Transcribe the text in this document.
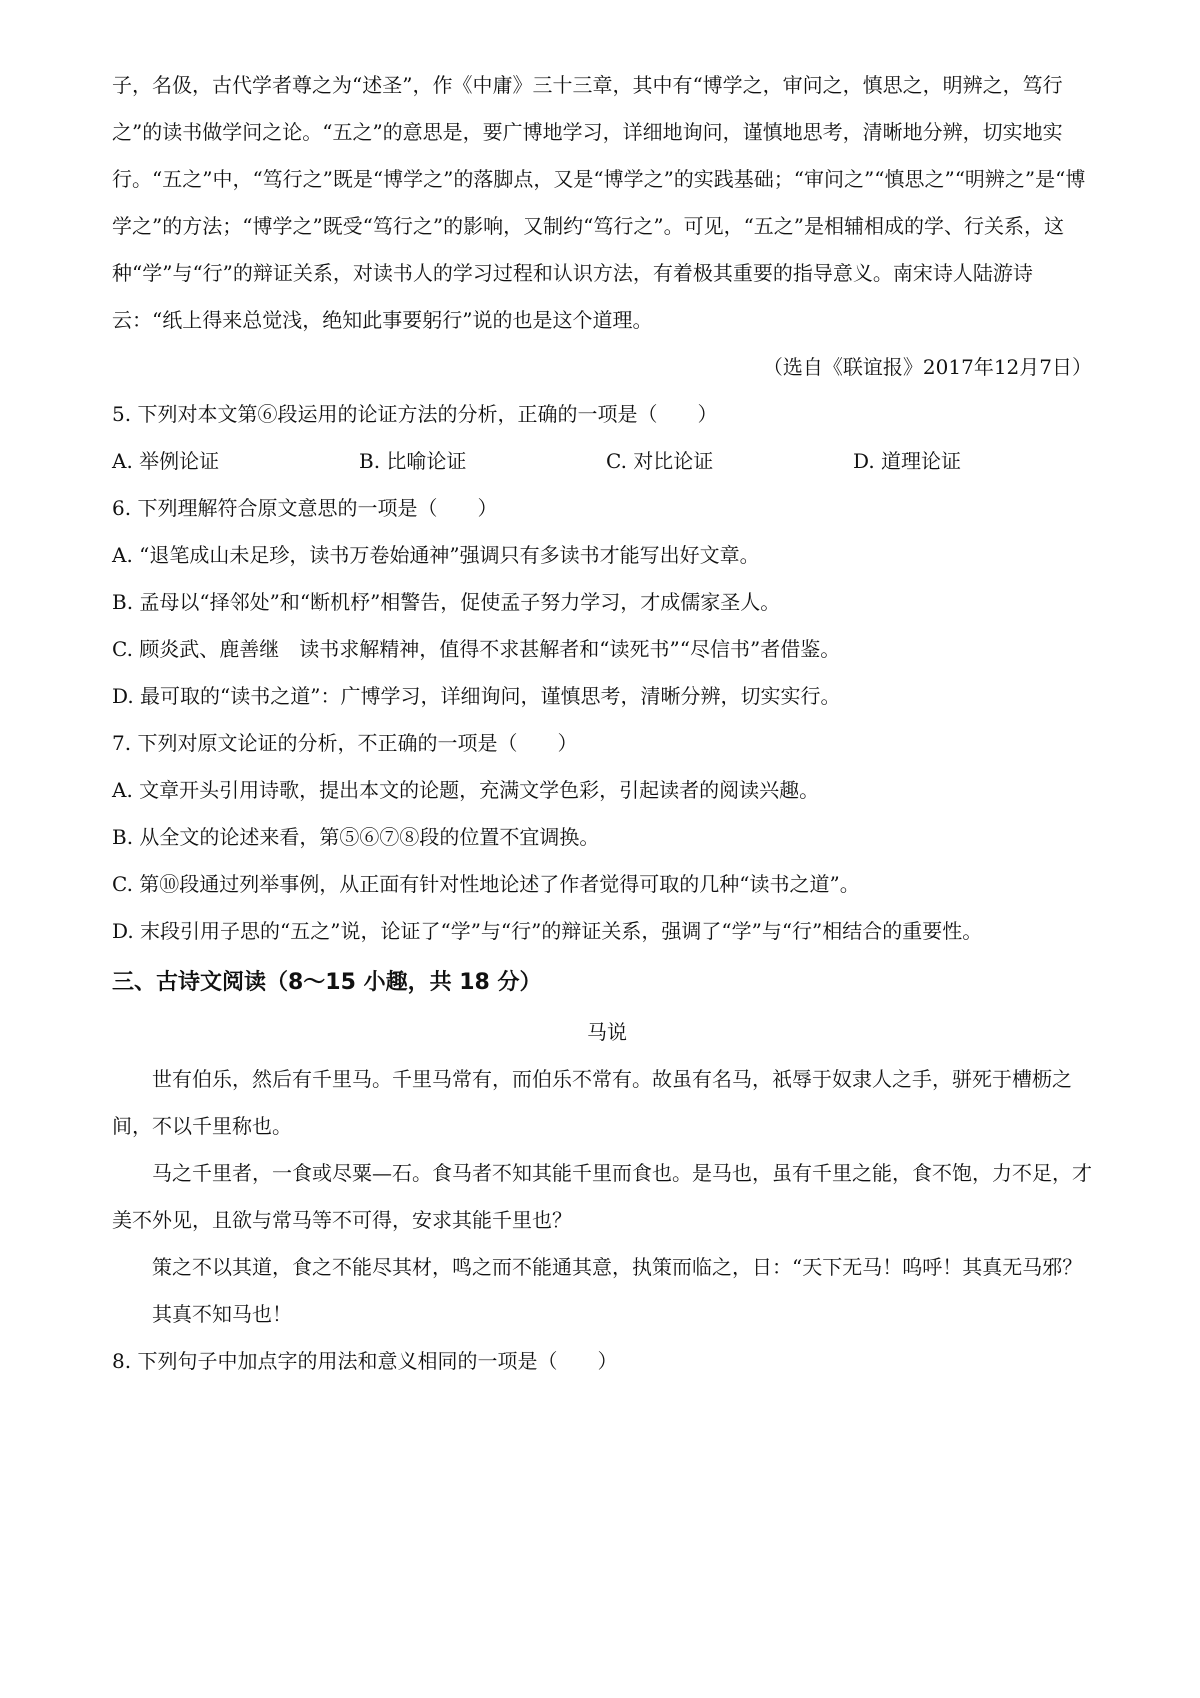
子，名伋，古代学者尊之为“述圣”，作《中庸》三十三章，其中有“博学之，审问之，慎思之，明辨之，笃行之”的读书做学问之论。“五之”的意思是，要广博地学习，详细地询问，谨慎地思考，清晰地分辨，切实地实行。“五之”中，“笃行之”既是“博学之”的落脚点，又是“博学之”的实践基础；“审问之”“慎思之”“明辨之”是“博学之”的方法；“博学之”既受“笃行之”的影响，又制约“笃行之”。可见，“五之”是相辅相成的学、行关系，这种“学”与“行”的辩证关系，对读书人的学习过程和认识方法，有着极其重要的指导意义。南宋诗人陆游诗云：“纸上得来总觉浅，绝知此事要躬行”说的也是这个道理。

（选自《联谊报》2017年12月7日）

5. 下列对本文第⑥段运用的论证方法的分析，正确的一项是（　　）

A. 举例论证	B. 比喻论证	C. 对比论证	D. 道理论证

6. 下列理解符合原文意思的一项是（　　）

A. “退笔成山未足珍，读书万卷始通神”强调只有多读书才能写出好文章。

B. 孟母以“择邻处”和“断机杼”相警告，促使孟子努力学习，才成儒家圣人。

C. 顾炎武、鹿善继　读书求解精神，值得不求甚解者和“读死书”“尽信书”者借鉴。

D. 最可取的“读书之道”：广博学习，详细询问，谨慎思考，清晰分辨，切实实行。

7. 下列对原文论证的分析，不正确的一项是（　　）

A. 文章开头引用诗歌，提出本文的论题，充满文学色彩，引起读者的阅读兴趣。

B. 从全文的论述来看，第⑤⑥⑦⑧段的位置不宜调换。

C. 第⑩段通过列举事例，从正面有针对性地论述了作者觉得可取的几种“读书之道”。

D. 末段引用子思的“五之”说，论证了“学”与“行”的辩证关系，强调了“学”与“行”相结合的重要性。

三、古诗文阅读（8～15 小趣，共 18 分）

马说

世有伯乐，然后有千里马。千里马常有，而伯乐不常有。故虽有名马，祇辱于奴隶人之手，骈死于槽枥之间，不以千里称也。

马之千里者，一食或尽粟—石。食马者不知其能千里而食也。是马也，虽有千里之能，食不饱，力不足，才美不外见，且欲与常马等不可得，安求其能千里也？

策之不以其道，食之不能尽其材，鸣之而不能通其意，执策而临之，日：“天下无马！呜呼！其真无马邪？

其真不知马也！

8. 下列句子中加点字的用法和意义相同的一项是（　　）
